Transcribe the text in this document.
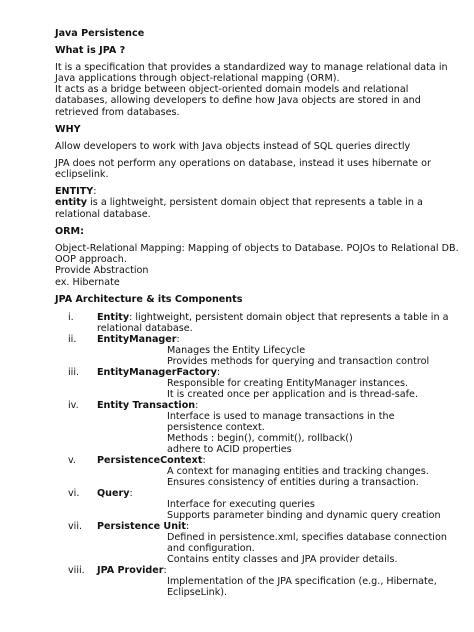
Java Persistence
What is JPA ?
It is a specification that provides a standardized way to manage relational data in
Java applications through object-relational mapping (ORM).
It acts as a bridge between object-oriented domain models and relational
databases, allowing developers to define how Java objects are stored in and
retrieved from databases.
WHY
Allow developers to work with Java objects instead of SQL queries directly
JPA does not perform any operations on database, instead it uses hibernate or
eclipselink.
ENTITY:
entity is a lightweight, persistent domain object that represents a table in a
relational database.
ORM:
Object-Relational Mapping: Mapping of objects to Database. POJOs to Relational DB.
OOP approach.
Provide Abstraction
ex. Hibernate
JPA Architecture & its Components
i. Entity: lightweight, persistent domain object that represents a table in a
relational database.
ii. EntityManager:
Manages the Entity Lifecycle
Provides methods for querying and transaction control
iii. EntityManagerFactory:
Responsible for creating EntityManager instances.
It is created once per application and is thread-safe.
iv. Entity Transaction:
Interface is used to manage transactions in the
persistence context.
Methods : begin(), commit(), rollback()
adhere to ACID properties
v. PersistenceContext:
A context for managing entities and tracking changes.
Ensures consistency of entities during a transaction.
vi. Query:
Interface for executing queries
Supports parameter binding and dynamic query creation
vii. Persistence Unit:
Defined in persistence.xml, specifies database connection
and configuration.
Contains entity classes and JPA provider details.
viii. JPA Provider:
Implementation of the JPA specification (e.g., Hibernate,
EclipseLink).
